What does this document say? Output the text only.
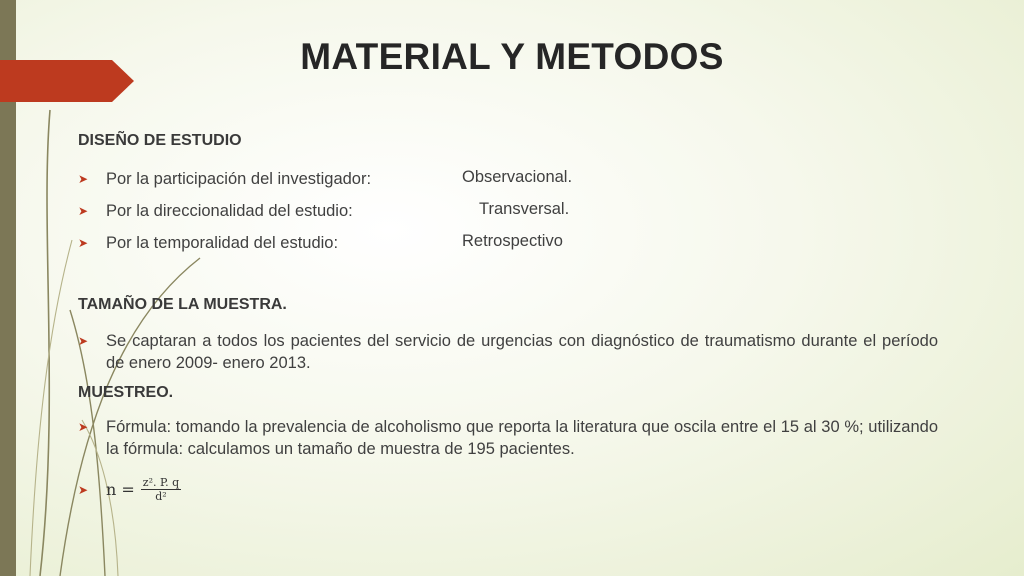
MATERIAL Y METODOS
DISEÑO DE ESTUDIO
➤	Por la participación del investigador:	Observacional.
➤	Por la direccionalidad del estudio:	Transversal.
➤	Por la temporalidad del estudio:	Retrospectivo
TAMAÑO DE LA MUESTRA.
➤	Se captaran a todos los pacientes del servicio de urgencias con diagnóstico de traumatismo durante el período de enero 2009- enero 2013.
MUESTREO.
➤	Fórmula: tomando la prevalencia de alcoholismo que reporta la literatura que oscila entre el 15 al 30 %; utilizando la fórmula: calculamos un tamaño de muestra de 195 pacientes.
➤	$n = \frac{\text{z². P. q}}{\text{d²}}$
